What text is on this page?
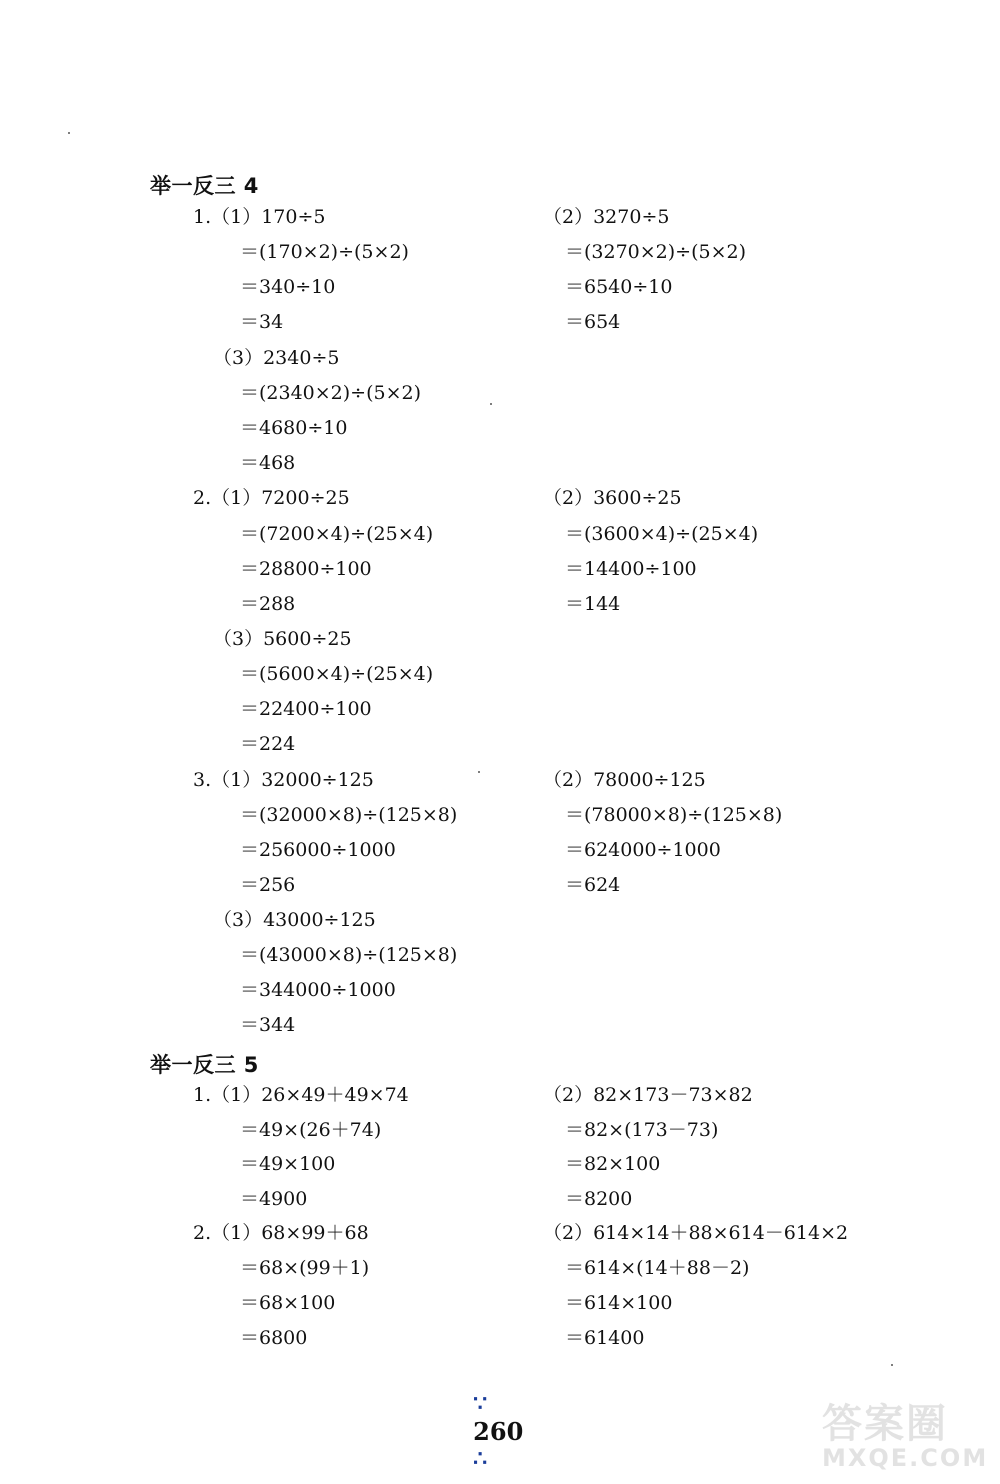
举一反三 4
1.（1）170÷5
＝(170×2)÷(5×2)
＝340÷10
＝34
（2）3270÷5
＝(3270×2)÷(5×2)
＝6540÷10
＝654
（3）2340÷5
＝(2340×2)÷(5×2)
＝4680÷10
＝468
2.（1）7200÷25
＝(7200×4)÷(25×4)
＝28800÷100
＝288
（2）3600÷25
＝(3600×4)÷(25×4)
＝14400÷100
＝144
（3）5600÷25
＝(5600×4)÷(25×4)
＝22400÷100
＝224
3.（1）32000÷125
＝(32000×8)÷(125×8)
＝256000÷1000
＝256
（2）78000÷125
＝(78000×8)÷(125×8)
＝624000÷1000
＝624
（3）43000÷125
＝(43000×8)÷(125×8)
＝344000÷1000
＝344
举一反三 5
1.（1）26×49＋49×74
＝49×(26＋74)
＝49×100
＝4900
（2）82×173－73×82
＝82×(173－73)
＝82×100
＝8200
2.（1）68×99＋68
＝68×(99＋1)
＝68×100
＝6800
（2）614×14＋88×614－614×2
＝614×(14＋88－2)
＝614×100
＝61400

∵
260
∴

答案圈
MXQE.COM
